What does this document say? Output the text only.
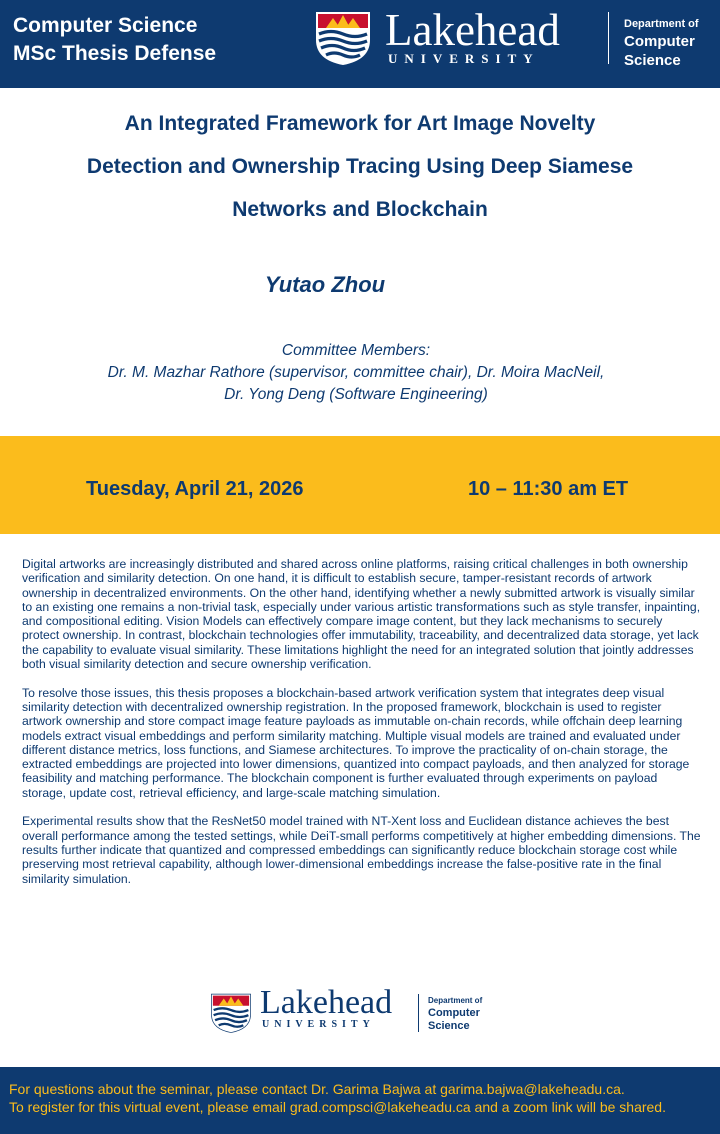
Computer Science
MSc Thesis Defense	Lakehead
UNIVERSITY
Department of
Computer
Science
An Integrated Framework for Art Image Novelty
Detection and Ownership Tracing Using Deep Siamese
Networks and Blockchain
Yutao Zhou
Committee Members:
Dr. M. Mazhar Rathore (supervisor, committee chair), Dr. Moira MacNeil,
Dr. Yong Deng (Software Engineering)
Tuesday, April 21, 2026	10 – 11:30 am ET

Digital artworks are increasingly distributed and shared across online platforms, raising critical challenges in both ownership verification and similarity detection. On one hand, it is difficult to establish secure, tamper-resistant records of artwork ownership in decentralized environments. On the other hand, identifying whether a newly submitted artwork is visually similar to an existing one remains a non-trivial task, especially under various artistic transformations such as style transfer, inpainting, and compositional editing. Vision Models can effectively compare image content, but they lack mechanisms to securely protect ownership. In contrast, blockchain technologies offer immutability, traceability, and decentralized data storage, yet lack the capability to evaluate visual similarity. These limitations highlight the need for an integrated solution that jointly addresses both visual similarity detection and secure ownership verification.

To resolve those issues, this thesis proposes a blockchain-based artwork verification system that integrates deep visual similarity detection with decentralized ownership registration. In the proposed framework, blockchain is used to register artwork ownership and store compact image feature payloads as immutable on-chain records, while offchain deep learning models extract visual embeddings and perform similarity matching. Multiple visual models are trained and evaluated under different distance metrics, loss functions, and Siamese architectures. To improve the practicality of on-chain storage, the extracted embeddings are projected into lower dimensions, quantized into compact payloads, and then analyzed for storage feasibility and matching performance. The blockchain component is further evaluated through experiments on payload storage, update cost, retrieval efficiency, and large-scale matching simulation.

Experimental results show that the ResNet50 model trained with NT-Xent loss and Euclidean distance achieves the best overall performance among the tested settings, while DeiT-small performs competitively at higher embedding dimensions. The results further indicate that quantized and compressed embeddings can significantly reduce blockchain storage cost while preserving most retrieval capability, although lower-dimensional embeddings increase the false-positive rate in the final similarity simulation.

Lakehead
UNIVERSITY
Department of
Computer
Science
For questions about the seminar, please contact Dr. Garima Bajwa at garima.bajwa@lakeheadu.ca.
To register for this virtual event, please email grad.compsci@lakeheadu.ca and a zoom link will be shared.
